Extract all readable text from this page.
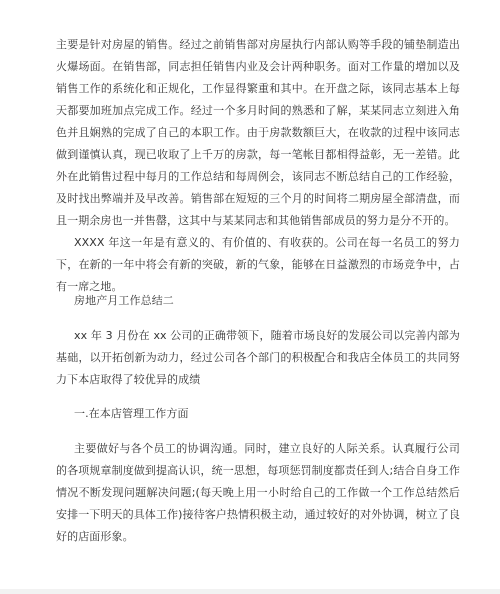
主要是针对房屋的销售。经过之前销售部对房屋执行内部认购等手段的铺垫制造出火爆场面。在销售部，同志担任销售内业及会计两种职务。面对工作量的增加以及销售工作的系统化和正规化，工作显得繁重和其中。在开盘之际，该同志基本上每天都要加班加点完成工作。经过一个多月时间的熟悉和了解，某某同志立刻进入角色并且娴熟的完成了自己的本职工作。由于房款数额巨大，在收款的过程中该同志做到谨慎认真，现已收取了上千万的房款，每一笔帐目都相得益彰，无一差错。此外在此销售过程中每月的工作总结和每周例会，该同志不断总结自己的工作经验，及时找出弊端并及早改善。销售部在短短的三个月的时间将二期房屋全部清盘，而且一期余房也一并售罄，这其中与某某同志和其他销售部成员的努力是分不开的。

XXXX 年这一年是有意义的、有价值的、有收获的。公司在每一名员工的努力下，在新的一年中将会有新的突破，新的气象，能够在日益激烈的市场竞争中，占有一席之地。

房地产月工作总结二

xx 年 3 月份在 xx 公司的正确带领下，随着市场良好的发展公司以完善内部为基础，以开拓创新为动力，经过公司各个部门的积极配合和我店全体员工的共同努力下本店取得了较优异的成绩

一.在本店管理工作方面

主要做好与各个员工的协调沟通。同时，建立良好的人际关系。认真履行公司的各项规章制度做到提高认识，统一思想，每项惩罚制度都责任到人;结合自身工作情况不断发现问题解决问题;(每天晚上用一小时给自己的工作做一个工作总结然后安排一下明天的具体工作)接待客户热情积极主动，通过较好的对外协调，树立了良好的店面形象。
